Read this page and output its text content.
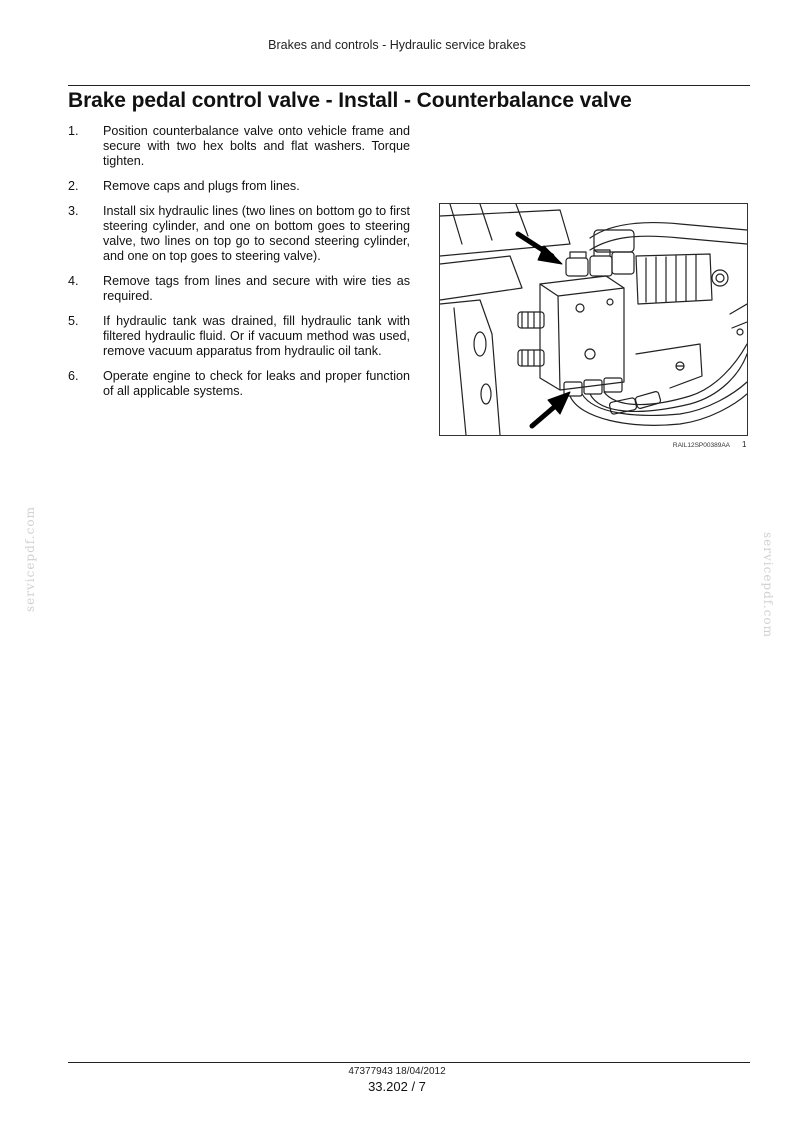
Brakes and controls - Hydraulic service brakes
Brake pedal control valve - Install - Counterbalance valve
1.	Position counterbalance valve onto vehicle frame and secure with two hex bolts and flat washers. Torque tighten.
2.	Remove caps and plugs from lines.
3.	Install six hydraulic lines (two lines on bottom go to first steering cylinder, and one on bottom goes to steering valve, two lines on top go to second steering cylinder, and one on top goes to steering valve).
4.	Remove tags from lines and secure with wire ties as required.
5.	If hydraulic tank was drained, fill hydraulic tank with filtered hydraulic fluid. Or if vacuum method was used, remove vacuum apparatus from hydraulic oil tank.
6.	Operate engine to check for leaks and proper function of all applicable systems.
RAIL12SP00389AA 1
servicepdf.com	servicepdf.com
47377943 18/04/2012
33.202 / 7
